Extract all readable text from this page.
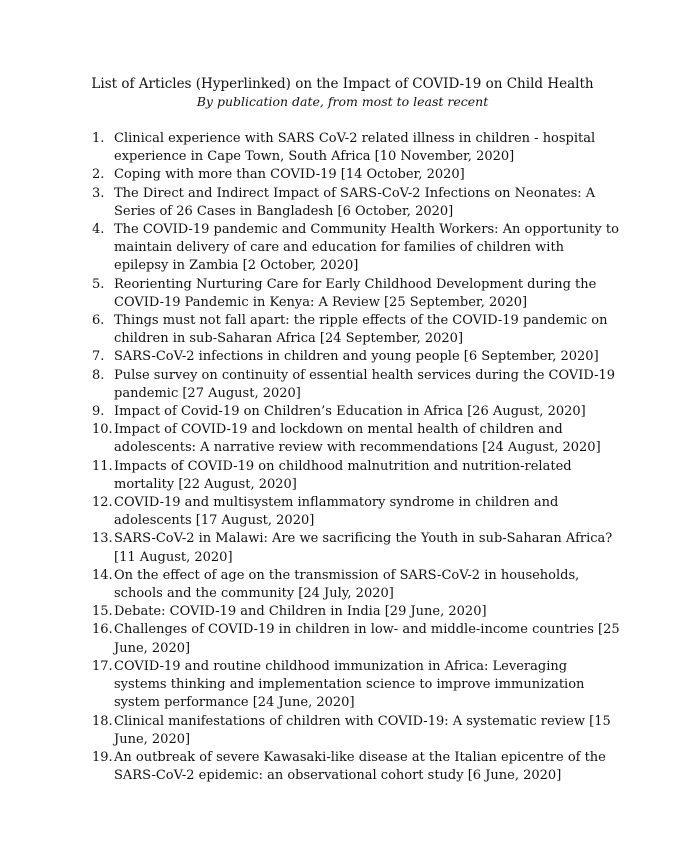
List of Articles (Hyperlinked) on the Impact of COVID-19 on Child Health
By publication date, from most to least recent
1. Clinical experience with SARS CoV-2 related illness in children - hospital experience in Cape Town, South Africa [10 November, 2020]
2. Coping with more than COVID-19 [14 October, 2020]
3. The Direct and Indirect Impact of SARS-CoV-2 Infections on Neonates: A Series of 26 Cases in Bangladesh [6 October, 2020]
4. The COVID-19 pandemic and Community Health Workers: An opportunity to maintain delivery of care and education for families of children with epilepsy in Zambia [2 October, 2020]
5. Reorienting Nurturing Care for Early Childhood Development during the COVID-19 Pandemic in Kenya: A Review [25 September, 2020]
6. Things must not fall apart: the ripple effects of the COVID-19 pandemic on children in sub-Saharan Africa [24 September, 2020]
7. SARS-CoV-2 infections in children and young people [6 September, 2020]
8. Pulse survey on continuity of essential health services during the COVID-19 pandemic [27 August, 2020]
9. Impact of Covid-19 on Children’s Education in Africa [26 August, 2020]
10. Impact of COVID-19 and lockdown on mental health of children and adolescents: A narrative review with recommendations [24 August, 2020]
11. Impacts of COVID-19 on childhood malnutrition and nutrition-related mortality [22 August, 2020]
12. COVID-19 and multisystem inflammatory syndrome in children and adolescents [17 August, 2020]
13. SARS-CoV-2 in Malawi: Are we sacrificing the Youth in sub-Saharan Africa? [11 August, 2020]
14. On the effect of age on the transmission of SARS-CoV-2 in households, schools and the community [24 July, 2020]
15. Debate: COVID-19 and Children in India [29 June, 2020]
16. Challenges of COVID-19 in children in low- and middle-income countries [25 June, 2020]
17. COVID-19 and routine childhood immunization in Africa: Leveraging systems thinking and implementation science to improve immunization system performance [24 June, 2020]
18. Clinical manifestations of children with COVID-19: A systematic review [15 June, 2020]
19. An outbreak of severe Kawasaki-like disease at the Italian epicentre of the SARS-CoV-2 epidemic: an observational cohort study [6 June, 2020]
